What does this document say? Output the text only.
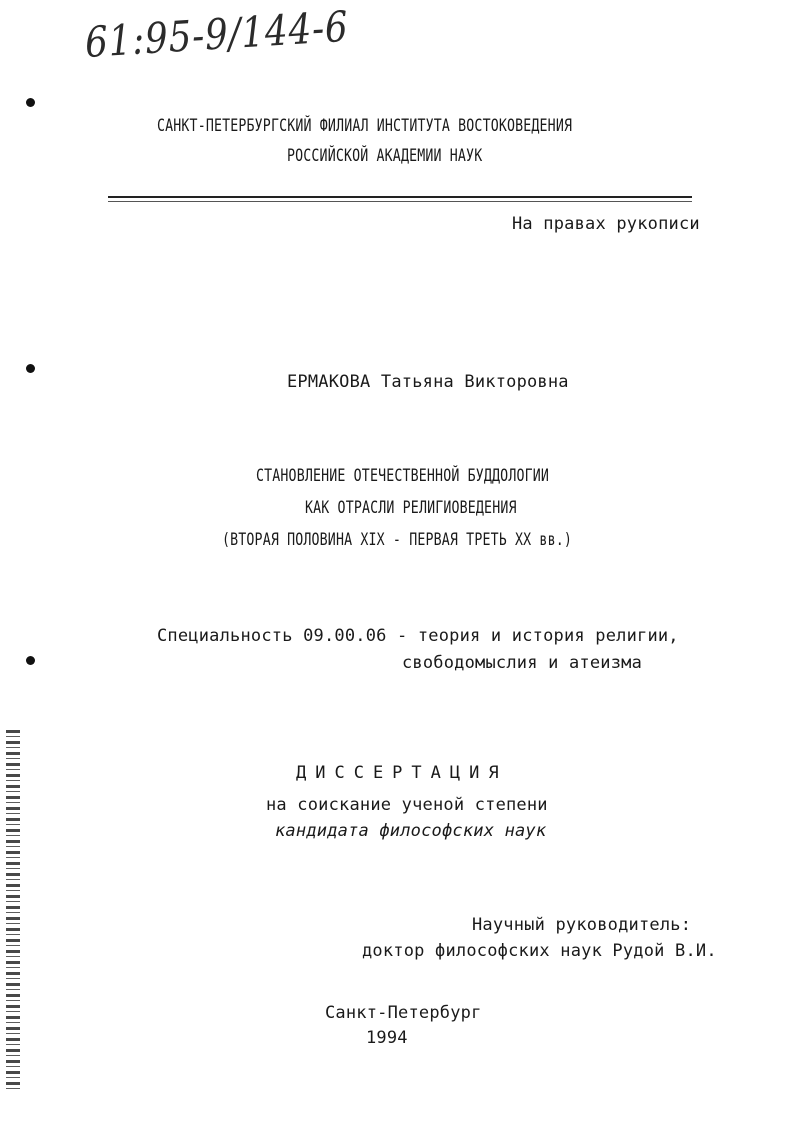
61:95-9/144-6
САНКТ-ПЕТЕРБУРГСКИЙ ФИЛИАЛ ИНСТИТУТА ВОСТОКОВЕДЕНИЯ
РОССИЙСКОЙ АКАДЕМИИ НАУК
На правах рукописи
ЕРМАКОВА Татьяна Викторовна
СТАНОВЛЕНИЕ ОТЕЧЕСТВЕННОЙ БУДДОЛОГИИ
КАК ОТРАСЛИ РЕЛИГИОВЕДЕНИЯ
(ВТОРАЯ ПОЛОВИНА XIX - ПЕРВАЯ ТРЕТЬ XX вв.)
Специальность 09.00.06 - теория и история религии,
свободомыслия и атеизма
ДИССЕРТАЦИЯ
на соискание ученой степени
кандидата философских наук
Научный руководитель:
доктор философских наук Рудой В.И.
Санкт-Петербург
1994
